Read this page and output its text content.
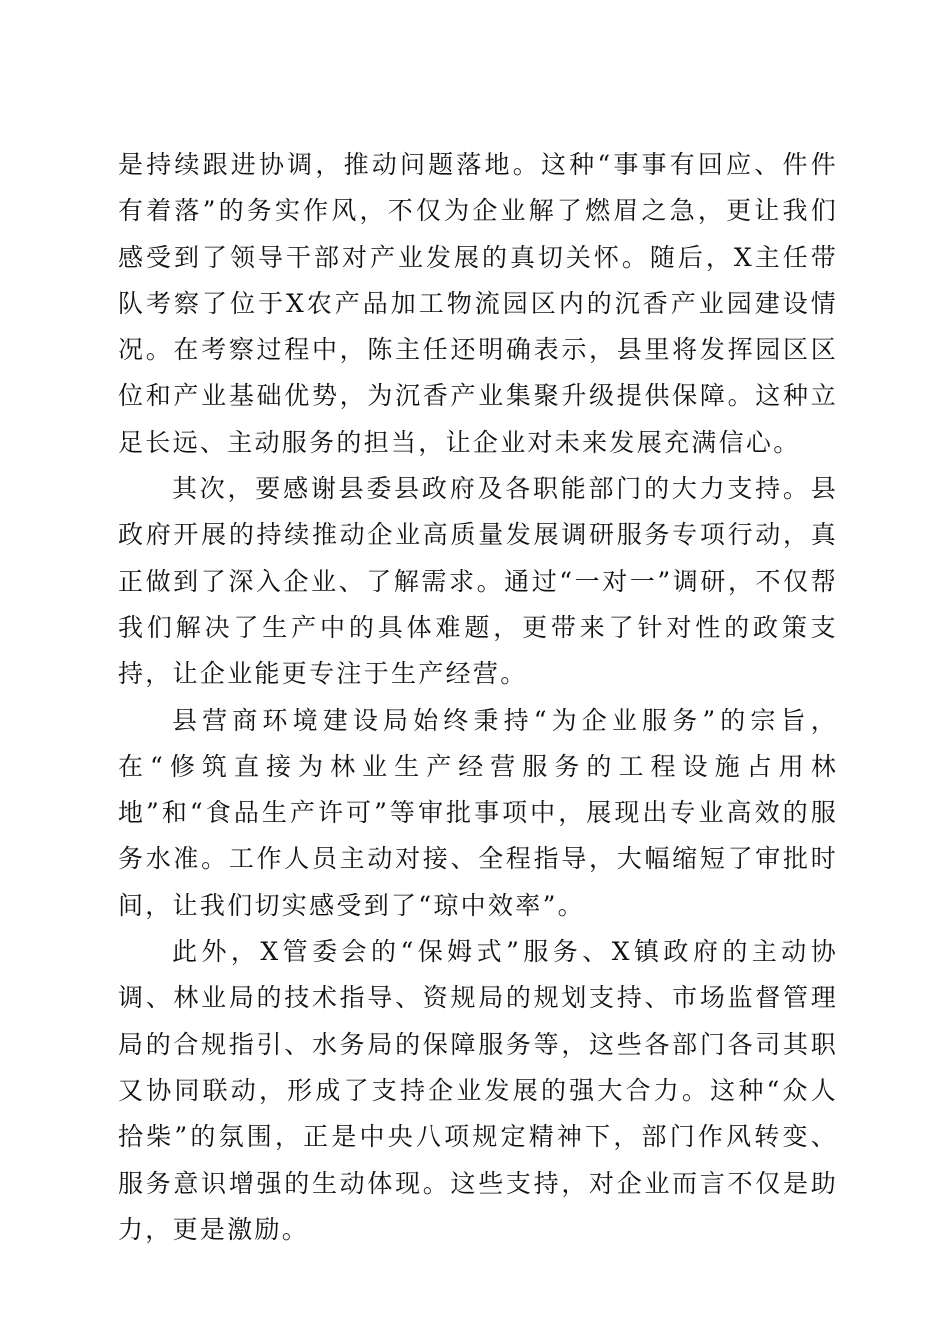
是持续跟进协调，推动问题落地。这种“事事有回应、件件有着落”的务实作风，不仅为企业解了燃眉之急，更让我们感受到了领导干部对产业发展的真切关怀。随后，X主任带队考察了位于X农产品加工物流园区内的沉香产业园建设情况。在考察过程中，陈主任还明确表示，县里将发挥园区区位和产业基础优势，为沉香产业集聚升级提供保障。这种立足长远、主动服务的担当，让企业对未来发展充满信心。

其次，要感谢县委县政府及各职能部门的大力支持。县政府开展的持续推动企业高质量发展调研服务专项行动，真正做到了深入企业、了解需求。通过“一对一”调研，不仅帮我们解决了生产中的具体难题，更带来了针对性的政策支持，让企业能更专注于生产经营。

县营商环境建设局始终秉持“为企业服务”的宗旨，在“修筑直接为林业生产经营服务的工程设施占用林地”和“食品生产许可”等审批事项中，展现出专业高效的服务水准。工作人员主动对接、全程指导，大幅缩短了审批时间，让我们切实感受到了“琼中效率”。

此外，X管委会的“保姆式”服务、X镇政府的主动协调、林业局的技术指导、资规局的规划支持、市场监督管理局的合规指引、水务局的保障服务等，这些各部门各司其职又协同联动，形成了支持企业发展的强大合力。这种“众人拾柴”的氛围，正是中央八项规定精神下，部门作风转变、服务意识增强的生动体现。这些支持，对企业而言不仅是助力，更是激励。
